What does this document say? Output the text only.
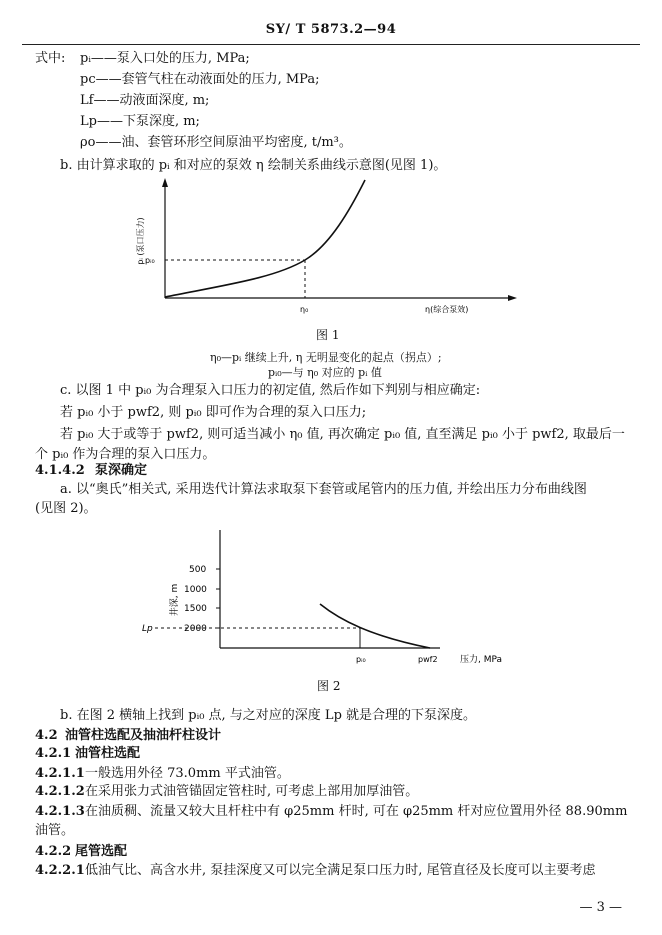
SY/ T 5873.2—94
式中: pᵢ——泵入口处的压力, MPa;
pc——套管气柱在动液面处的压力, MPa;
Lf——动液面深度, m;
Lp——下泵深度, m;
ρo——油、套管环形空间原油平均密度, t/m³。
b. 由计算求取的 pᵢ 和对应的泵效 η 绘制关系曲线示意图(见图 1)。
pᵢ (泵口压力) pᵢ₀
η₀	η(综合泵效)
图 1
η₀—pᵢ 继续上升, η 无明显变化的起点（拐点）;
pᵢ₀—与 η₀ 对应的 pᵢ 值
c. 以图 1 中 pᵢ₀ 为合理泵入口压力的初定值, 然后作如下判别与相应确定:
若 pᵢ₀ 小于 pwf2, 则 pᵢ₀ 即可作为合理的泵入口压力;
若 pᵢ₀ 大于或等于 pwf2, 则可适当减小 η₀ 值, 再次确定 pᵢ₀ 值, 直至满足 pᵢ₀ 小于 pwf2, 取最后一
个 pᵢ₀ 作为合理的泵入口压力。
4.1.4.2 泵深确定
a. 以“奥氏”相关式, 采用迭代计算法求取泵下套管或尾管内的压力值, 并绘出压力分布曲线图
(见图 2)。
500
1000
1500
2000
井深, m
Lp
pᵢ₀	pwf2 压力, MPa
图 2
b. 在图 2 横轴上找到 pᵢ₀ 点, 与之对应的深度 Lp 就是合理的下泵深度。
4.2 油管柱选配及抽油杆柱设计
4.2.1 油管柱选配
4.2.1.1 一般选用外径 73.0mm 平式油管。
4.2.1.2 在采用张力式油管锚固定管柱时, 可考虑上部用加厚油管。
4.2.1.3 在油质稠、流量又较大且杆柱中有 φ25mm 杆时, 可在 φ25mm 杆对应位置用外径 88.90mm
油管。
4.2.2 尾管选配
4.2.2.1 低油气比、高含水井, 泵挂深度又可以完全满足泵口压力时, 尾管直径及长度可以主要考虑
— 3 —
